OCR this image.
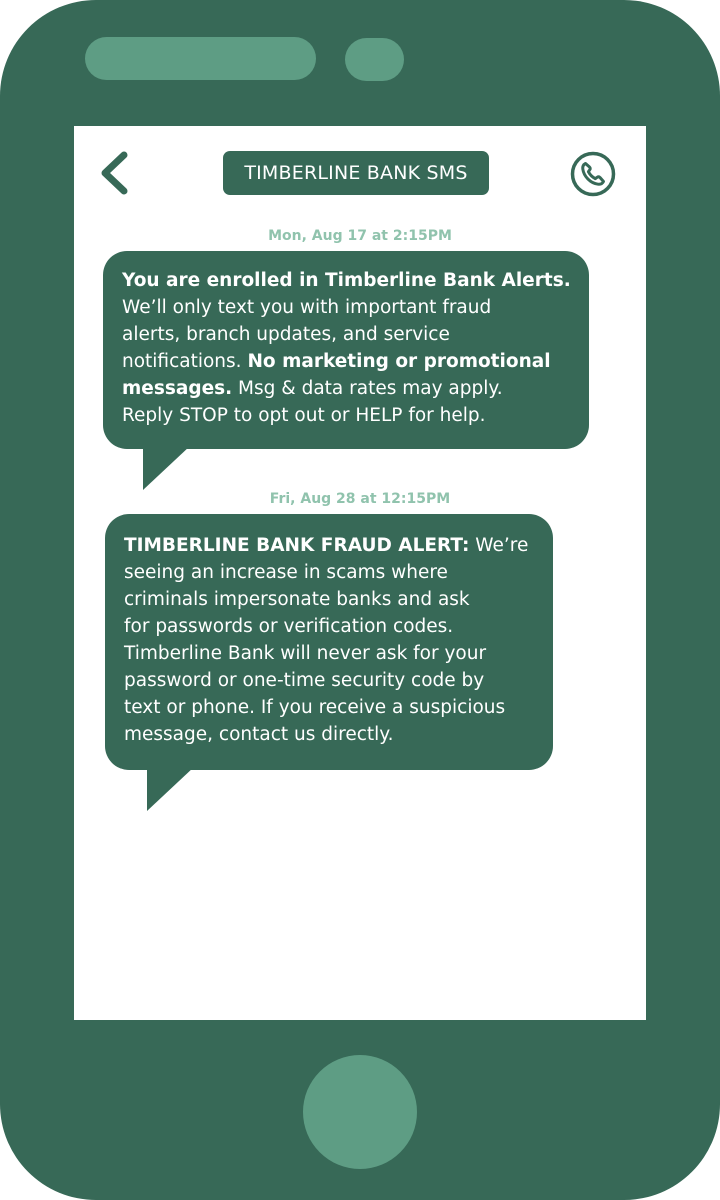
TIMBERLINE BANK SMS
Mon, Aug 17 at 2:15PM
You are enrolled in Timberline Bank Alerts.
We’ll only text you with important fraud
alerts, branch updates, and service
notifications. No marketing or promotional
messages. Msg & data rates may apply.
Reply STOP to opt out or HELP for help.
Fri, Aug 28 at 12:15PM
TIMBERLINE BANK FRAUD ALERT: We’re
seeing an increase in scams where
criminals impersonate banks and ask
for passwords or verification codes.
Timberline Bank will never ask for your
password or one-time security code by
text or phone. If you receive a suspicious
message, contact us directly.
